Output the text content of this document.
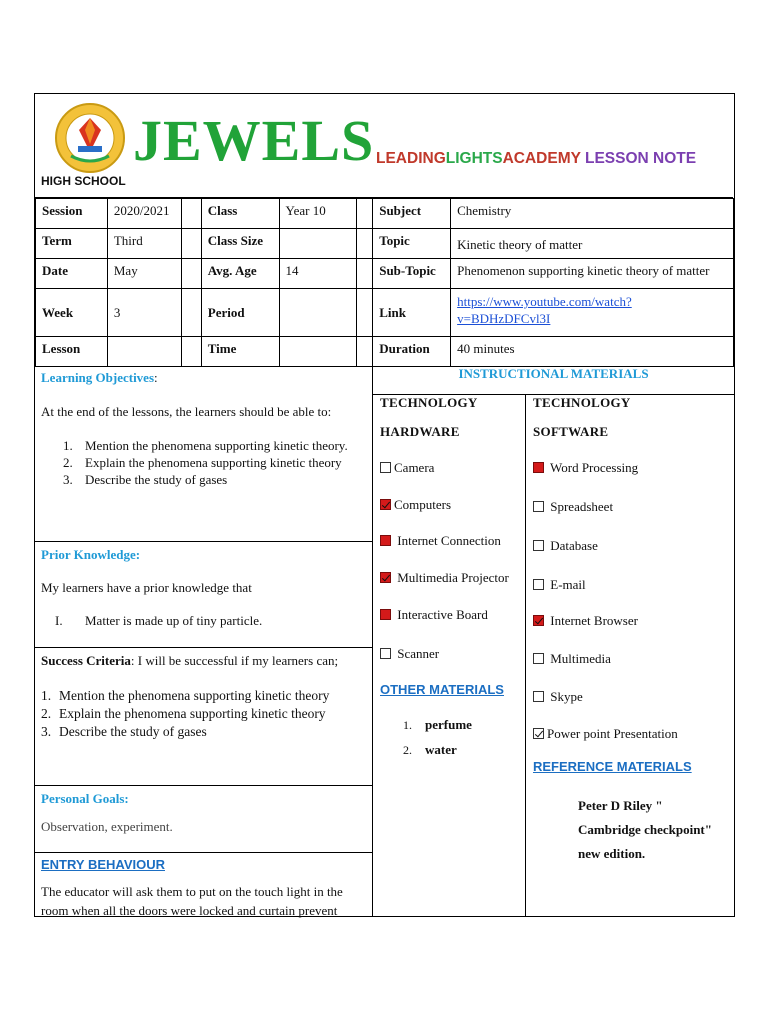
HIGH SCHOOL
JEWELS LEADINGLIGHTSACADEMY LESSON NOTE
Session	2020/2021		Class	Year 10		Subject	Chemistry
Term	Third		Class Size			Topic	Kinetic theory of matter
Date	May		Avg. Age	14		Sub-Topic	Phenomenon supporting kinetic theory of matter
Week	3		Period			Link	https://www.youtube.com/watch?
v=BDHzDFCvl3I

Lesson			Time			Duration	40 minutes
Learning Objectives:
At the end of the lessons, the learners should be able to:
1. Mention the phenomena supporting kinetic theory.
2. Explain the phenomena supporting kinetic theory
3. Describe the study of gases
Prior Knowledge:
My learners have a prior knowledge that
I.	Matter is made up of tiny particle.
Success Criteria: I will be successful if my learners can;
1. Mention the phenomena supporting kinetic theory
2. Explain the phenomena supporting kinetic theory
3. Describe the study of gases
Personal Goals:
Observation, experiment.
ENTRY BEHAVIOUR
The educator will ask them to put on the touch light in the
room when all the doors were locked and curtain prevent
INSTRUCTIONAL MATERIALS
TECHNOLOGY
HARDWARE
Camera
Computers
Internet Connection
Multimedia Projector
Interactive Board
Scanner
OTHER MATERIALS
1. perfume
2. water
TECHNOLOGY
SOFTWARE
Word Processing
Spreadsheet
Database
E-mail
Internet Browser
Multimedia
Skype
Power point Presentation
REFERENCE MATERIALS
Peter D Riley "
Cambridge checkpoint"
new edition.
